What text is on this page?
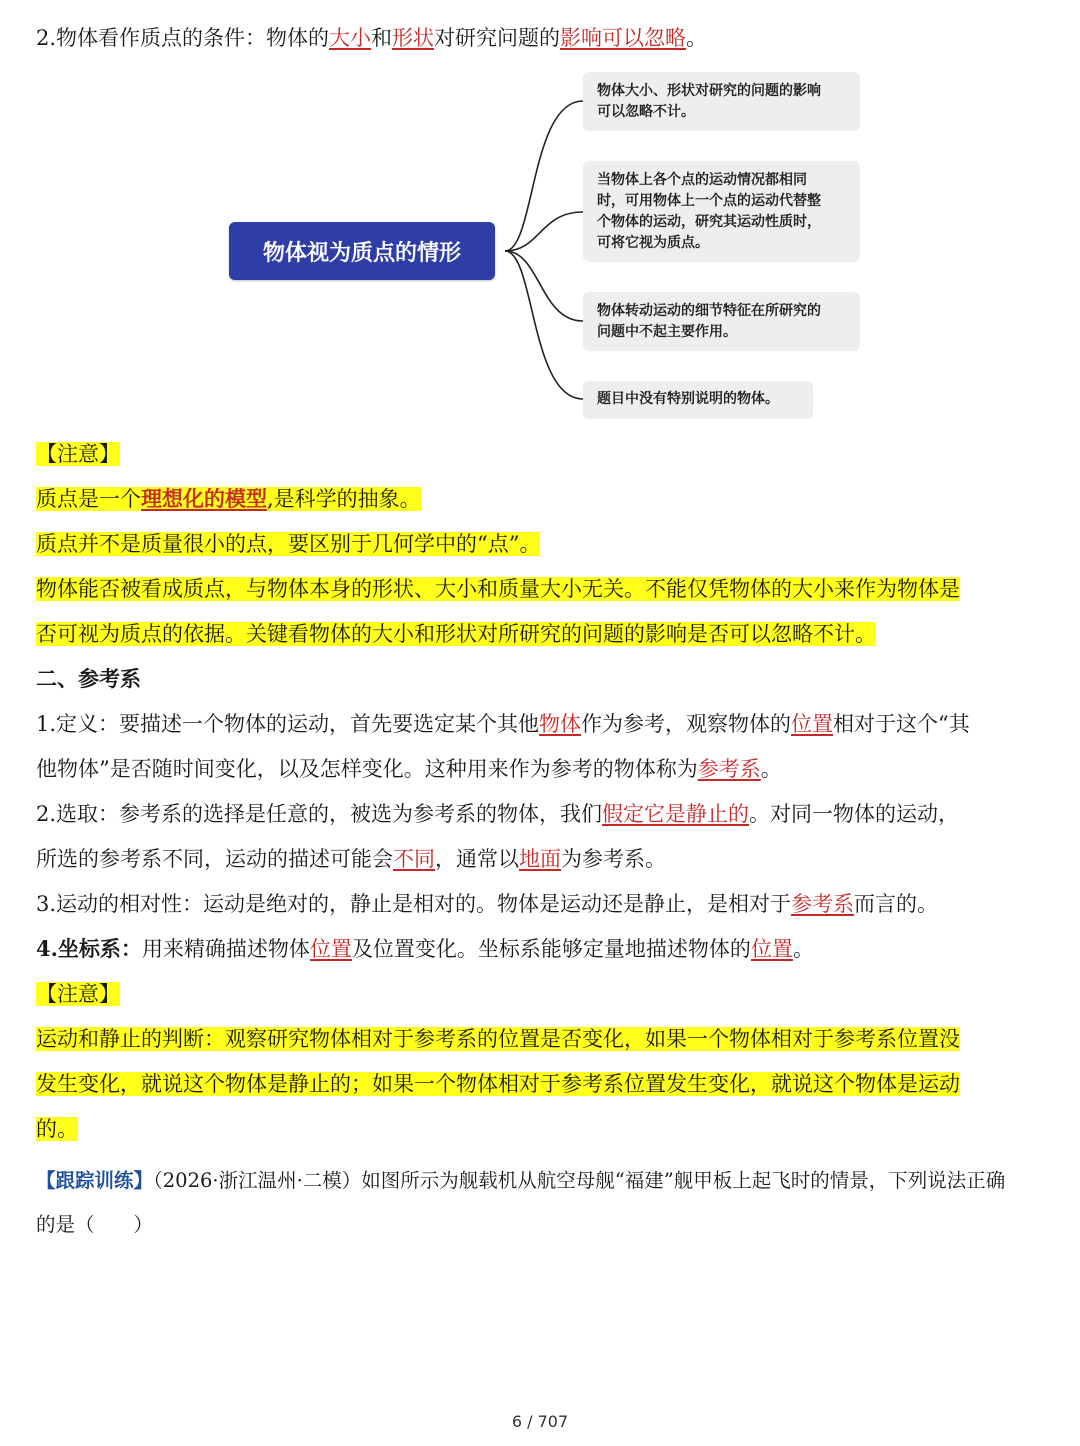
2.物体看作质点的条件：物体的大小和形状对研究问题的影响可以忽略。
物体视为质点的情形
物体大小、形状对研究的问题的影响
可以忽略不计。
当物体上各个点的运动情况都相同
时，可用物体上一个点的运动代替整
个物体的运动，研究其运动性质时，
可将它视为质点。
物体转动运动的细节特征在所研究的
问题中不起主要作用。
题目中没有特别说明的物体。
【注意】
质点是一个理想化的模型,是科学的抽象。
质点并不是质量很小的点，要区别于几何学中的“点”。
物体能否被看成质点，与物体本身的形状、大小和质量大小无关。不能仅凭物体的大小来作为物体是
否可视为质点的依据。关键看物体的大小和形状对所研究的问题的影响是否可以忽略不计。
二、参考系
1.定义：要描述一个物体的运动，首先要选定某个其他物体作为参考，观察物体的位置相对于这个“其
他物体”是否随时间变化，以及怎样变化。这种用来作为参考的物体称为参考系。
2.选取：参考系的选择是任意的，被选为参考系的物体，我们假定它是静止的。对同一物体的运动，
所选的参考系不同，运动的描述可能会不同，通常以地面为参考系。
3.运动的相对性：运动是绝对的，静止是相对的。物体是运动还是静止，是相对于参考系而言的。
4.坐标系：用来精确描述物体位置及位置变化。坐标系能够定量地描述物体的位置。
【注意】
运动和静止的判断：观察研究物体相对于参考系的位置是否变化，如果一个物体相对于参考系位置没
发生变化，就说这个物体是静止的；如果一个物体相对于参考系位置发生变化，就说这个物体是运动
的。
【跟踪训练】（2026·浙江温州·二模）如图所示为舰载机从航空母舰“福建”舰甲板上起飞时的情景，下列说法正确
的是（　　）
6 / 707
